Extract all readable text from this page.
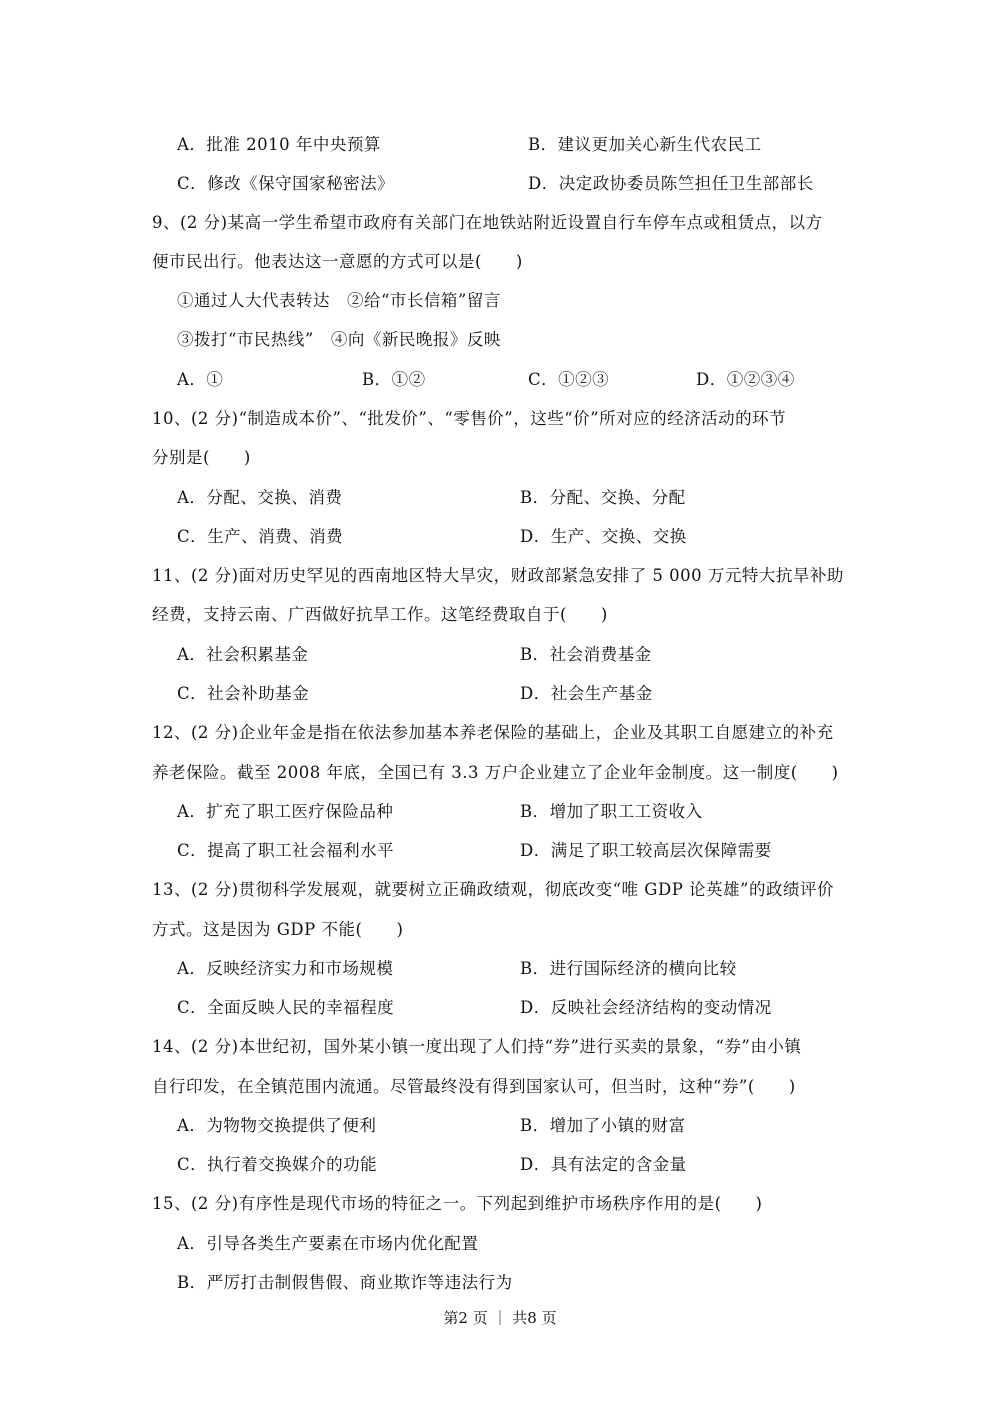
A．批准 2010 年中央预算	B．建议更加关心新生代农民工
C．修改《保守国家秘密法》	D．决定政协委员陈竺担任卫生部部长
9、(2 分)某高一学生希望市政府有关部门在地铁站附近设置自行车停车点或租赁点，以方
便市民出行。他表达这一意愿的方式可以是(　　)
①通过人大代表转达　②给“市长信箱”留言
③拨打“市民热线”　④向《新民晚报》反映
A．①	B．①②	C．①②③	D．①②③④
10、(2 分)“制造成本价”、“批发价”、“零售价”，这些“价”所对应的经济活动的环节
分别是(　　)
A．分配、交换、消费	B．分配、交换、分配
C．生产、消费、消费	D．生产、交换、交换
11、(2 分)面对历史罕见的西南地区特大旱灾，财政部紧急安排了 5 000 万元特大抗旱补助
经费，支持云南、广西做好抗旱工作。这笔经费取自于(　　)
A．社会积累基金	B．社会消费基金
C．社会补助基金	D．社会生产基金
12、(2 分)企业年金是指在依法参加基本养老保险的基础上，企业及其职工自愿建立的补充
养老保险。截至 2008 年底，全国已有 3.3 万户企业建立了企业年金制度。这一制度(　　)
A．扩充了职工医疗保险品种	B．增加了职工工资收入
C．提高了职工社会福利水平	D．满足了职工较高层次保障需要
13、(2 分)贯彻科学发展观，就要树立正确政绩观，彻底改变“唯 GDP 论英雄”的政绩评价
方式。这是因为 GDP 不能(　　)
A．反映经济实力和市场规模	B．进行国际经济的横向比较
C．全面反映人民的幸福程度	D．反映社会经济结构的变动情况
14、(2 分)本世纪初，国外某小镇一度出现了人们持“券”进行买卖的景象，“券”由小镇
自行印发，在全镇范围内流通。尽管最终没有得到国家认可，但当时，这种“券”(　　)
A．为物物交换提供了便利	B．增加了小镇的财富
C．执行着交换媒介的功能	D．具有法定的含金量
15、(2 分)有序性是现代市场的特征之一。下列起到维护市场秩序作用的是(　　)
A．引导各类生产要素在市场内优化配置
B．严厉打击制假售假、商业欺诈等违法行为
第2 页 ｜ 共8 页
